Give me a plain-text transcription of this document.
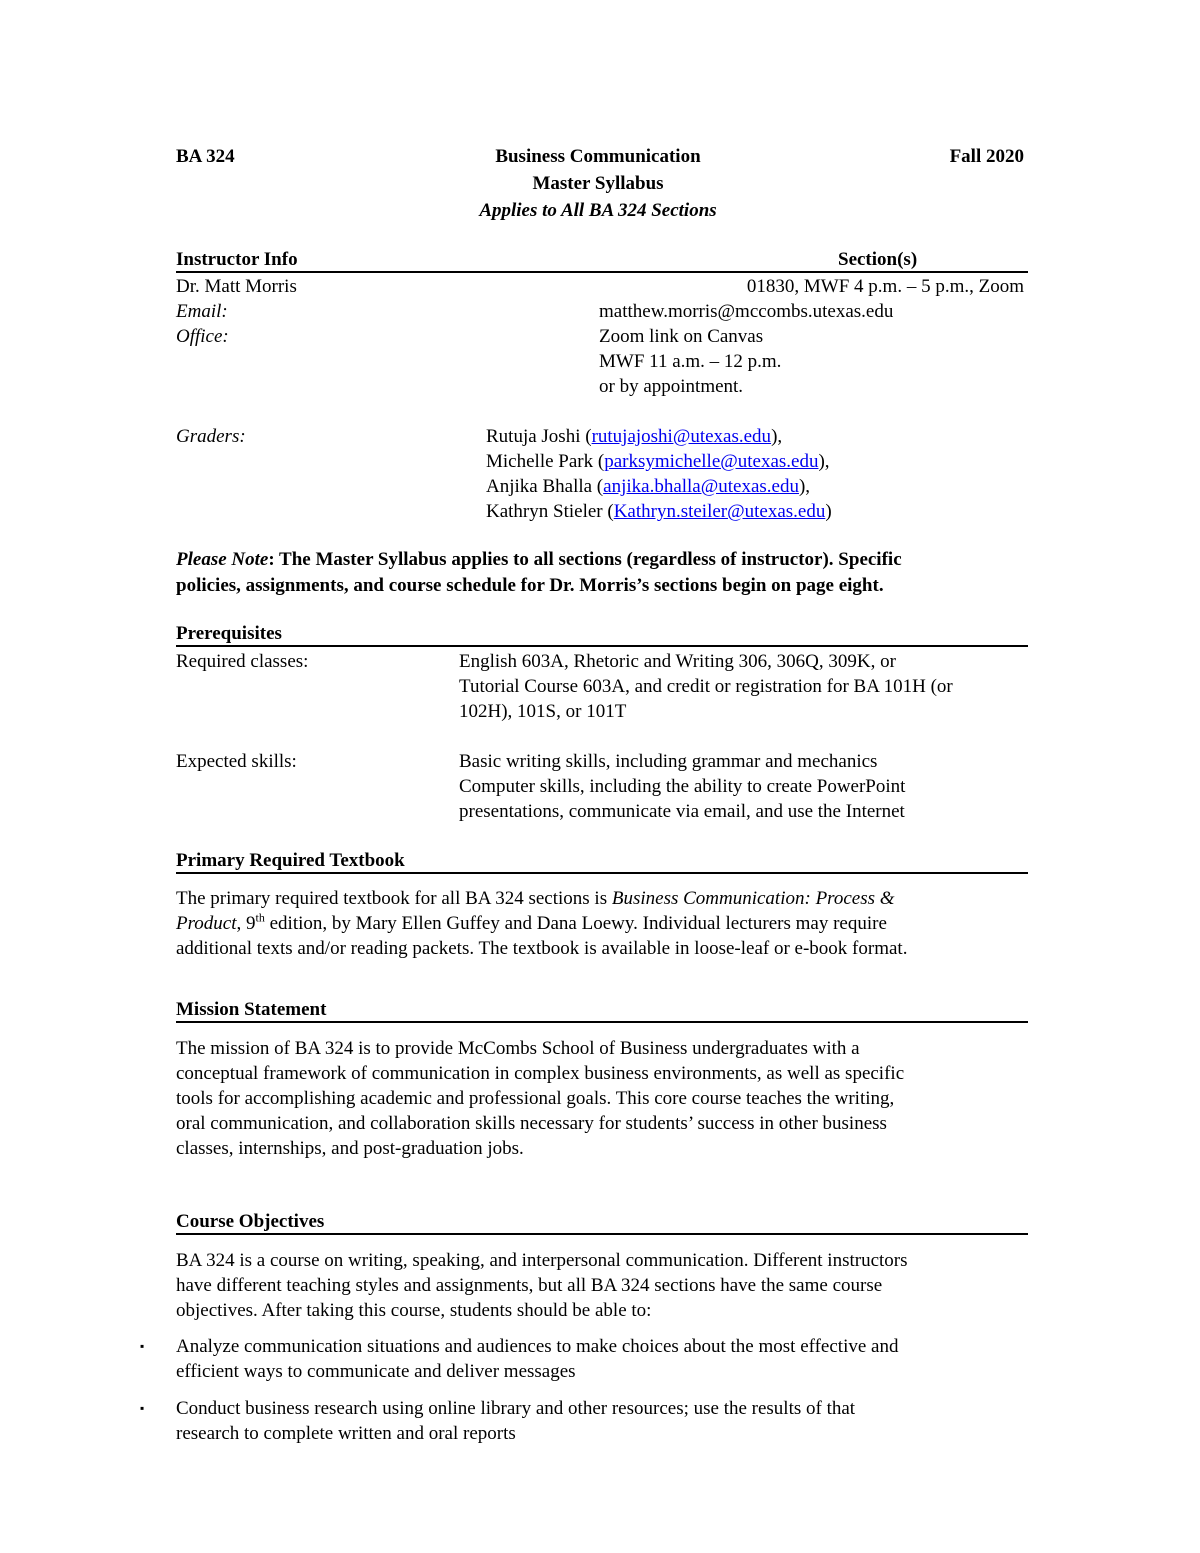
BA 324	Business Communication	Fall 2020
Master Syllabus
Applies to All BA 324 Sections
Instructor Info	Section(s)
Dr. Matt Morris	01830, MWF 4 p.m. – 5 p.m., Zoom
Email:	matthew.morris@mccombs.utexas.edu
Office:	Zoom link on Canvas
MWF 11 a.m. – 12 p.m.
or by appointment.
Graders:	Rutuja Joshi (rutujajoshi@utexas.edu),
Michelle Park (parksymichelle@utexas.edu),
Anjika Bhalla (anjika.bhalla@utexas.edu),
Kathryn Stieler (Kathryn.steiler@utexas.edu)
Please Note: The Master Syllabus applies to all sections (regardless of instructor). Specific
policies, assignments, and course schedule for Dr. Morris’s sections begin on page eight.
Prerequisites
Required classes:	English 603A, Rhetoric and Writing 306, 306Q, 309K, or
Tutorial Course 603A, and credit or registration for BA 101H (or
102H), 101S, or 101T
Expected skills:	Basic writing skills, including grammar and mechanics
Computer skills, including the ability to create PowerPoint
presentations, communicate via email, and use the Internet
Primary Required Textbook
The primary required textbook for all BA 324 sections is Business Communication: Process &
Product, 9th edition, by Mary Ellen Guffey and Dana Loewy. Individual lecturers may require
additional texts and/or reading packets. The textbook is available in loose-leaf or e-book format.
Mission Statement
The mission of BA 324 is to provide McCombs School of Business undergraduates with a
conceptual framework of communication in complex business environments, as well as specific
tools for accomplishing academic and professional goals. This core course teaches the writing,
oral communication, and collaboration skills necessary for students’ success in other business
classes, internships, and post-graduation jobs.
Course Objectives
BA 324 is a course on writing, speaking, and interpersonal communication. Different instructors
have different teaching styles and assignments, but all BA 324 sections have the same course
objectives. After taking this course, students should be able to:
▪ Analyze communication situations and audiences to make choices about the most effective and
efficient ways to communicate and deliver messages
▪ Conduct business research using online library and other resources; use the results of that
research to complete written and oral reports
